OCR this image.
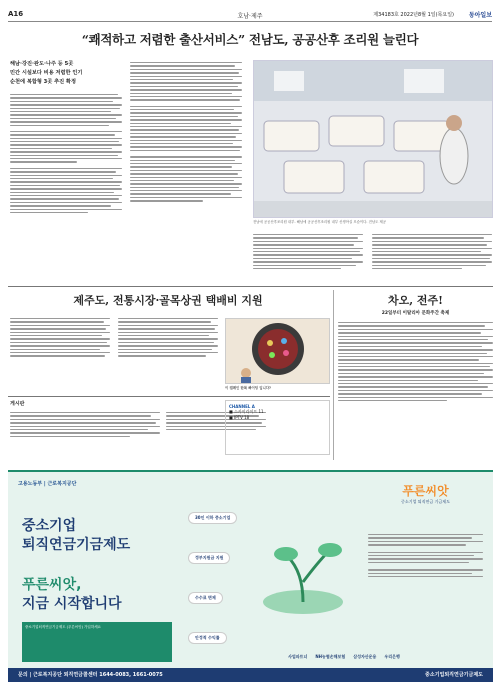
A16	호남·제주	제34183호 2022년8월 1일(목요일) 동아일보
“쾌적하고 저렴한 출산서비스” 전남도, 공공산후 조리원 늘린다
해남·강진·완도·나주 등 5곳
민간 시설보다 비용 저렴한 인기
순천에 복합형 3곳 추진 확정
전남에 공공산후조리원 내부. 해남에 공공산후조리원 내부 신생아실 모습이다. 전남도 제공
제주도, 전통시장·골목상권 택배비 지원	차오, 전주!
22일부터 이탈리아 문화주간 축제
이 캠페인 한복 빠이팅 입니다?
게시판	CHANNEL A
■ 스카이라이프 11
■ IPTV 18
고용노동부 | 근로복지공단
중소기업
퇴직연금기금제도
푸른씨앗,
지금 시작합니다
중소기업퇴직연금기금제도 (푸른씨앗) 가입하세요
30인 이하 중소기업
정부지원금 지원
수수료 면제
안정적 수익률
푸른씨앗
중소기업 퇴직연금 기금제도
사업파트너 NH농협손해보험 삼성자산운용 우리은행
문의 | 근로복지공단 퇴직연금콜센터 1644-0083, 1661-0075	중소기업퇴직연금기금제도
